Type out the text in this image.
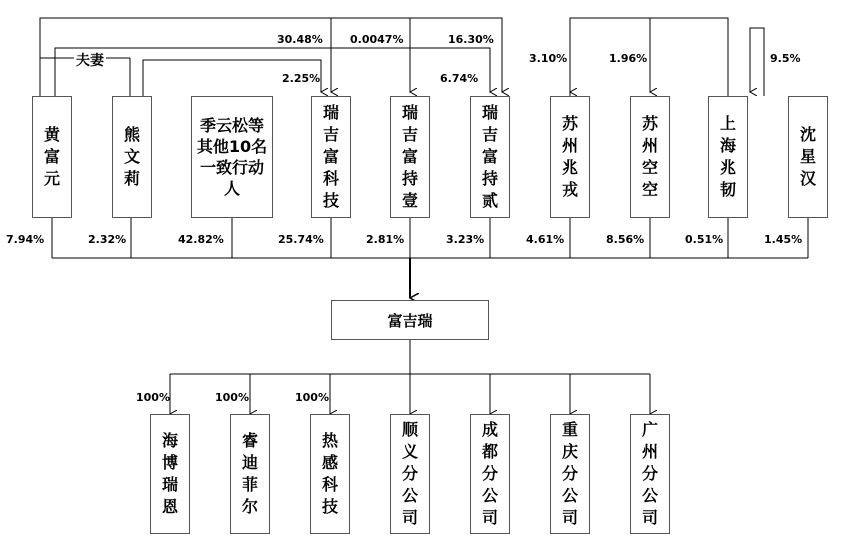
夫妻
30.48% 0.0047%	16.30%
2.25%	6.74%
3.10%	1.96%	9.5%
黄富元
熊文莉
季云松等其他10名一致行动人
瑞吉富科技
瑞吉富持壹
瑞吉富持贰
苏州兆戎
苏州空空
上海兆韧
沈星汉
7.94%	2.32%	42.82%	25.74%	2.81%	3.23%	4.61%	8.56%	0.51%	1.45%
富吉瑞
100%	100%	100%
海博瑞恩
睿迪菲尔
热感科技
顺义分公司
成都分公司
重庆分公司
广州分公司
